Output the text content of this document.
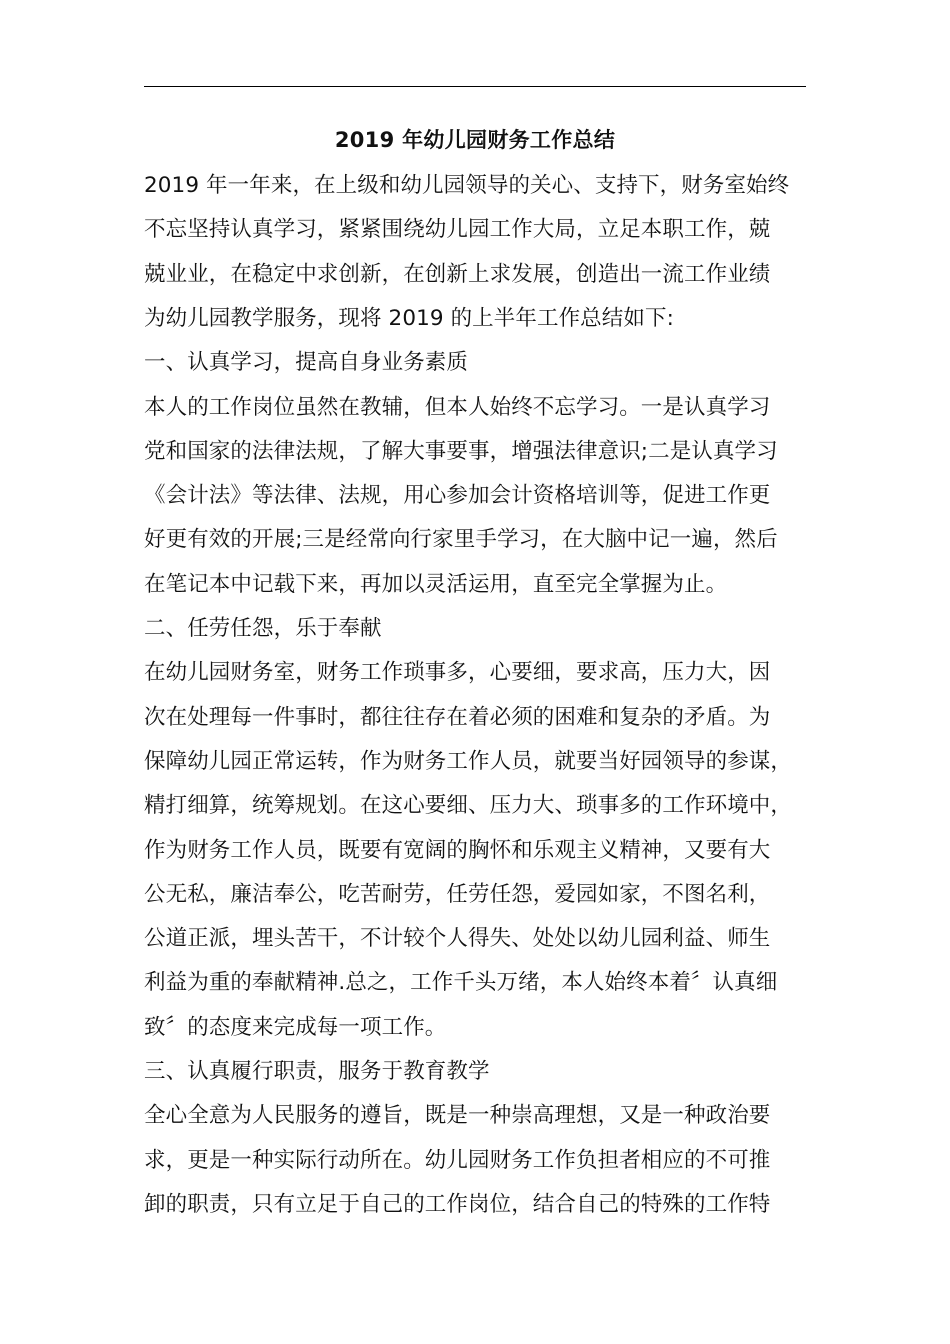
2019 年幼儿园财务工作总结
2019 年一年来，在上级和幼儿园领导的关心、支持下，财务室始终
不忘坚持认真学习，紧紧围绕幼儿园工作大局，立足本职工作，兢
兢业业，在稳定中求创新，在创新上求发展，创造出一流工作业绩
为幼儿园教学服务，现将 2019 的上半年工作总结如下:
一、认真学习，提高自身业务素质
本人的工作岗位虽然在教辅，但本人始终不忘学习。一是认真学习
党和国家的法律法规，了解大事要事，增强法律意识;二是认真学习
《会计法》等法律、法规，用心参加会计资格培训等，促进工作更
好更有效的开展;三是经常向行家里手学习，在大脑中记一遍，然后
在笔记本中记载下来，再加以灵活运用，直至完全掌握为止。
二、任劳任怨，乐于奉献
在幼儿园财务室，财务工作琐事多，心要细，要求高，压力大，因
次在处理每一件事时，都往往存在着必须的困难和复杂的矛盾。为
保障幼儿园正常运转，作为财务工作人员，就要当好园领导的参谋，
精打细算，统筹规划。在这心要细、压力大、琐事多的工作环境中，
作为财务工作人员，既要有宽阔的胸怀和乐观主义精神，又要有大
公无私，廉洁奉公，吃苦耐劳，任劳任怨，爱园如家，不图名利，
公道正派，埋头苦干，不计较个人得失、处处以幼儿园利益、师生
利益为重的奉献精神.总之，工作千头万绪，本人始终本着〞认真细
致〞的态度来完成每一项工作。
三、认真履行职责，服务于教育教学
全心全意为人民服务的遵旨，既是一种崇高理想，又是一种政治要
求，更是一种实际行动所在。幼儿园财务工作负担者相应的不可推
卸的职责，只有立足于自己的工作岗位，结合自己的特殊的工作特
